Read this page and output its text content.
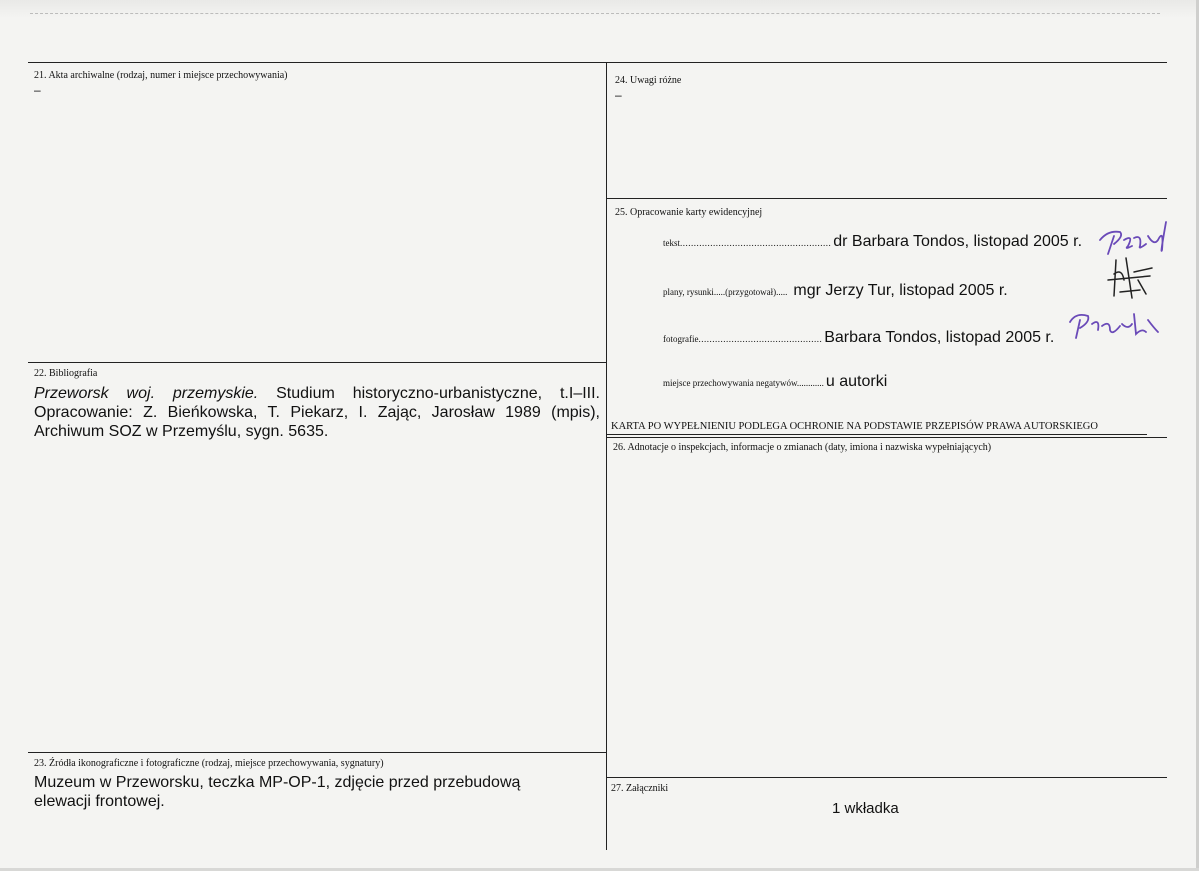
21. Akta archiwalne (rodzaj, numer i miejsce przechowywania)
–
24. Uwagi różne
–
25. Opracowanie karty ewidencyjnej
tekst ....................................................... dr Barbara Tondos, listopad 2005 r.
plany, rysunki.....(przygotował)..... mgr Jerzy Tur, listopad 2005 r.
fotografie ............................................. Barbara Tondos, listopad 2005 r.
miejsce przechowywania negatywów............ u autorki
KARTA PO WYPEŁNIENIU PODLEGA OCHRONIE NA PODSTAWIE PRZEPISÓW PRAWA AUTORSKIEGO
22. Bibliografia
Przeworsk woj. przemyskie. Studium historyczno-urbanistyczne, t.I–III. Opracowanie: Z. Bieńkowska, T. Piekarz, I. Zając, Jarosław 1989 (mpis), Archiwum SOZ w Przemyślu, sygn. 5635.
26. Adnotacje o inspekcjach, informacje o zmianach (daty, imiona i nazwiska wypełniających)
23. Źródła ikonograficzne i fotograficzne (rodzaj, miejsce przechowywania, sygnatury)
Muzeum w Przeworsku, teczka MP-OP-1, zdjęcie przed przebudową elewacji frontowej.
27. Załączniki
1 wkładka
